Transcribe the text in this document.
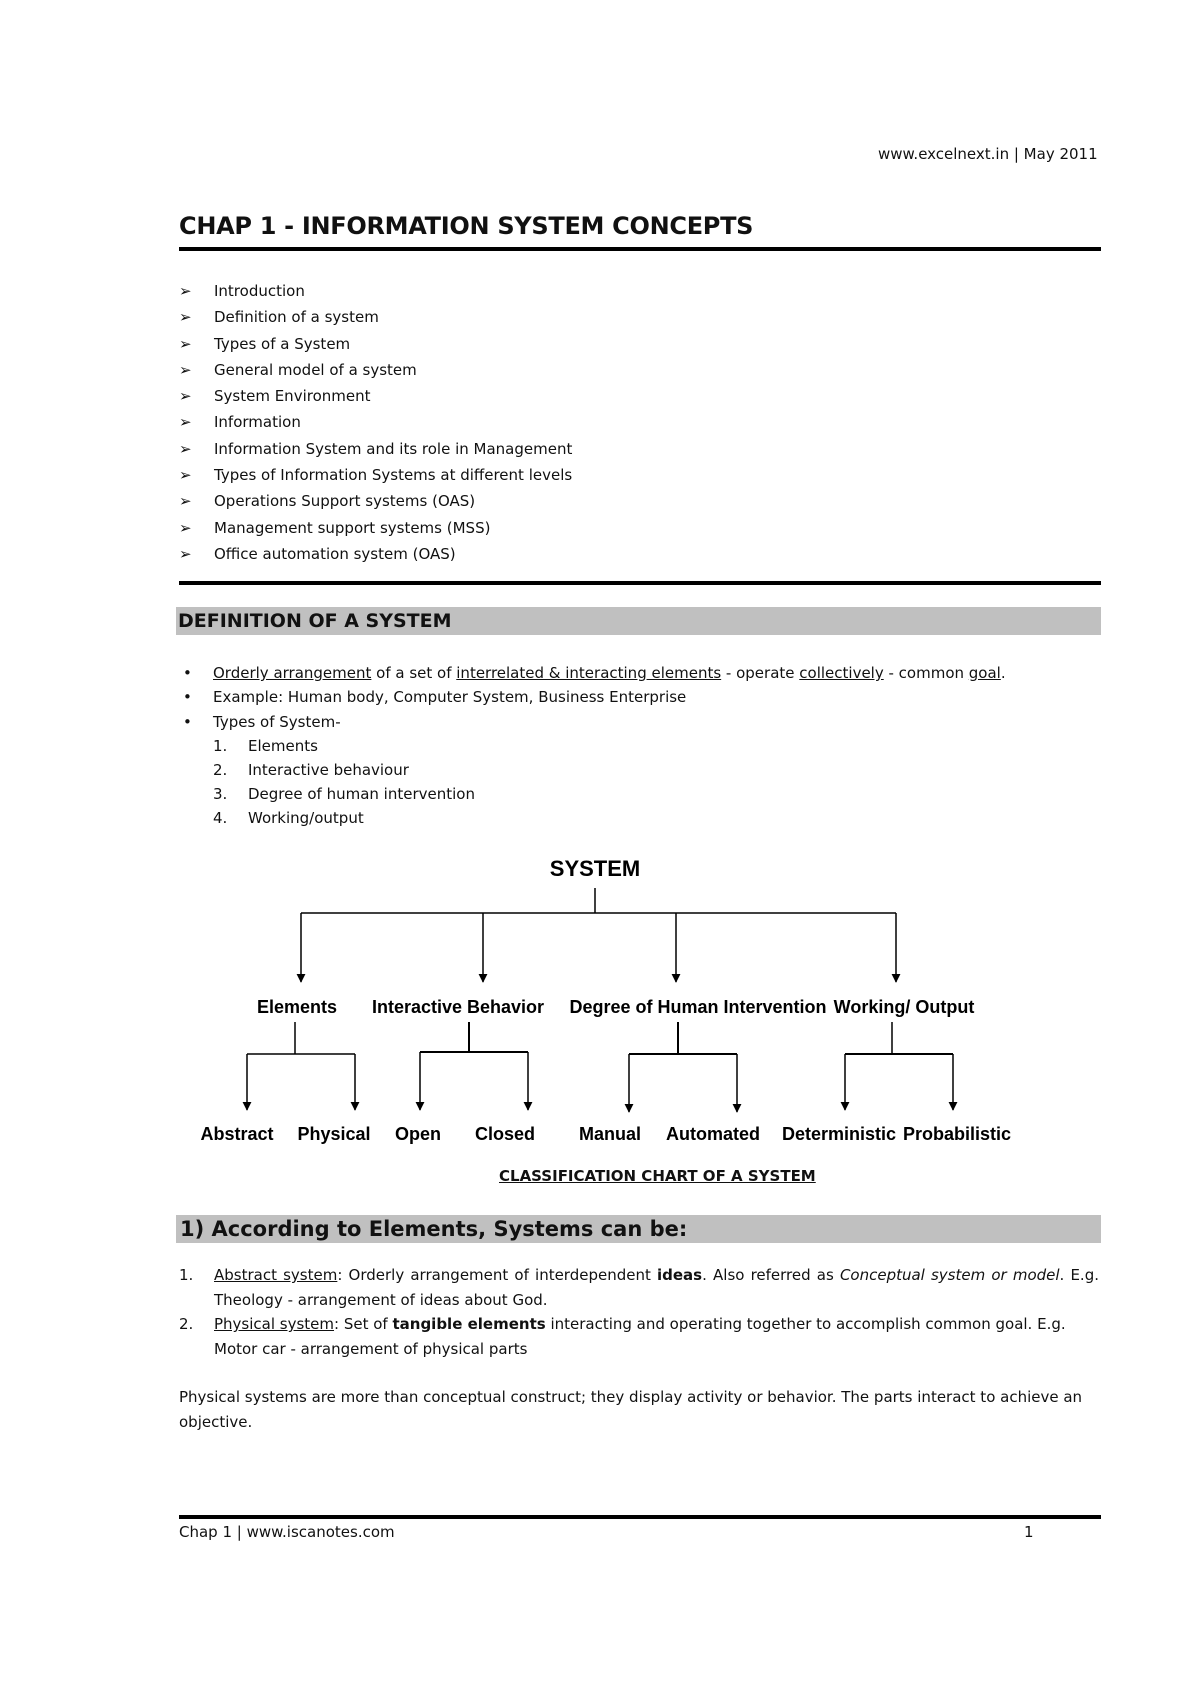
www.excelnext.in | May 2011
CHAP 1 - INFORMATION SYSTEM CONCEPTS
➢ Introduction
➢ Definition of a system
➢ Types of a System
➢ General model of a system
➢ System Environment
➢ Information
➢ Information System and its role in Management
➢ Types of Information Systems at different levels
➢ Operations Support systems (OAS)
➢ Management support systems (MSS)
➢ Office automation system (OAS)
DEFINITION OF A SYSTEM
• Orderly arrangement of a set of interrelated & interacting elements - operate collectively - common goal.
• Example: Human body, Computer System, Business Enterprise
• Types of System-
1. Elements
2. Interactive behaviour
3. Degree of human intervention
4. Working/output
SYSTEM
Elements Interactive Behavior Degree of Human Intervention Working/ Output
Abstract Physical Open Closed Manual Automated Deterministic Probabilistic
CLASSIFICATION CHART OF A SYSTEM
1) According to Elements, Systems can be:
1. Abstract system: Orderly arrangement of interdependent ideas. Also referred as Conceptual system or model. E.g. Theology - arrangement of ideas about God.
2. Physical system: Set of tangible elements interacting and operating together to accomplish common goal. E.g. Motor car - arrangement of physical parts
Physical systems are more than conceptual construct; they display activity or behavior. The parts interact to achieve an objective.
Chap 1 | www.iscanotes.com	1
